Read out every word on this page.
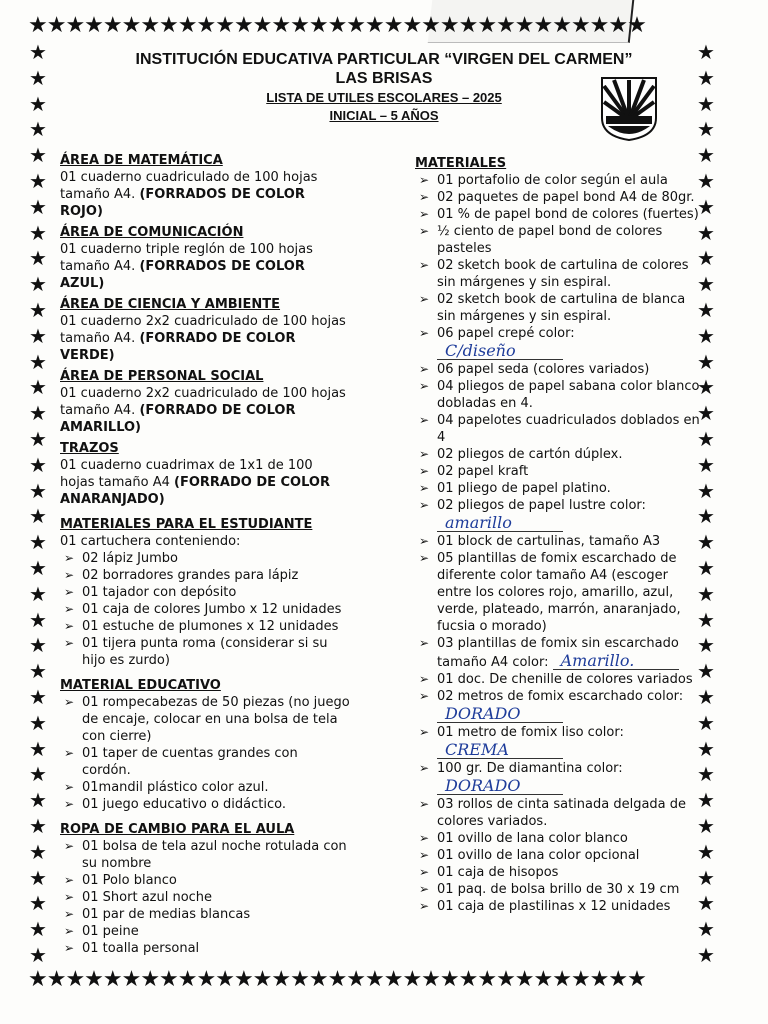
★★★★★★★★★★★★★★★★★★★★★★★★★★★★★★★★★
★★★★★★★★★★★★★★★★★★★★★★★★★★★★★★★★★
★
★
★
★
★
★
★
★
★
★
★
★
★
★
★
★
★
★
★
★
★
★
★
★
★
★
★
★
★
★
★
★
★
★
★
★
★
★
★
★
★
★
★
★
★
★
★
★
★
★
★
★
★
★
★
★
★
★
★
★
★
★
★
★
★
★
★
★
★
★
★
★
INSTITUCIÓN EDUCATIVA PARTICULAR “VIRGEN DEL CARMEN”
LAS BRISAS
LISTA DE UTILES ESCOLARES – 2025
INICIAL – 5 AÑOS
ÁREA DE MATEMÁTICA
01 cuaderno cuadriculado de 100 hojas tamaño A4. (FORRADOS DE COLOR ROJO)
ÁREA DE COMUNICACIÓN
01 cuaderno triple reglón de 100 hojas tamaño A4. (FORRADOS DE COLOR AZUL)
ÁREA DE CIENCIA Y AMBIENTE
01 cuaderno 2x2 cuadriculado de 100 hojas tamaño A4. (FORRADO DE COLOR VERDE)
ÁREA DE PERSONAL SOCIAL
01 cuaderno 2x2 cuadriculado de 100 hojas tamaño A4. (FORRADO DE COLOR AMARILLO)
TRAZOS
01 cuaderno cuadrimax de 1x1 de 100 hojas tamaño A4 (FORRADO DE COLOR ANARANJADO)
MATERIALES PARA EL ESTUDIANTE
01 cartuchera conteniendo:
➢ 02 lápiz Jumbo
➢ 02 borradores grandes para lápiz
➢ 01 tajador con depósito
➢ 01 caja de colores Jumbo x 12 unidades
➢ 01 estuche de plumones x 12 unidades
➢ 01 tijera punta roma (considerar si su hijo es zurdo)
MATERIAL EDUCATIVO
➢ 01 rompecabezas de 50 piezas (no juego de encaje, colocar en una bolsa de tela con cierre)
➢ 01 taper de cuentas grandes con cordón.
➢ 01mandil plástico color azul.
➢ 01 juego educativo o didáctico.
ROPA DE CAMBIO PARA EL AULA
➢ 01 bolsa de tela azul noche rotulada con su nombre
➢ 01 Polo blanco
➢ 01 Short azul noche
➢ 01 par de medias blancas
➢ 01 peine
➢ 01 toalla personal
MATERIALES
➢ 01 portafolio de color según el aula
➢ 02 paquetes de papel bond A4 de 80gr.
➢ 01 % de papel bond de colores (fuertes)
➢ ½ ciento de papel bond de colores pasteles
➢ 02 sketch book de cartulina de colores sin márgenes y sin espiral.
➢ 02 sketch book de cartulina de blanca sin márgenes y sin espiral.
➢ 06 papel crepé color:
C/diseño
➢ 06 papel seda (colores variados)
➢ 04 pliegos de papel sabana color blanco dobladas en 4.
➢ 04 papelotes cuadriculados doblados en 4
➢ 02 pliegos de cartón dúplex.
➢ 02 papel kraft
➢ 01 pliego de papel platino.
➢ 02 pliegos de papel lustre color:
amarillo
➢ 01 block de cartulinas, tamaño A3
➢ 05 plantillas de fomix escarchado de diferente color tamaño A4 (escoger entre los colores rojo, amarillo, azul, verde, plateado, marrón, anaranjado, fucsia o morado)
➢ 03 plantillas de fomix sin escarchado tamaño A4 color: Amarillo.
➢ 01 doc. De chenille de colores variados
➢ 02 metros de fomix escarchado color:
DORADO
➢ 01 metro de fomix liso color:
CREMA
➢ 100 gr. De diamantina color:
DORADO
➢ 03 rollos de cinta satinada delgada de colores variados.
➢ 01 ovillo de lana color blanco
➢ 01 ovillo de lana color opcional
➢ 01 caja de hisopos
➢ 01 paq. de bolsa brillo de 30 x 19 cm
➢ 01 caja de plastilinas x 12 unidades
